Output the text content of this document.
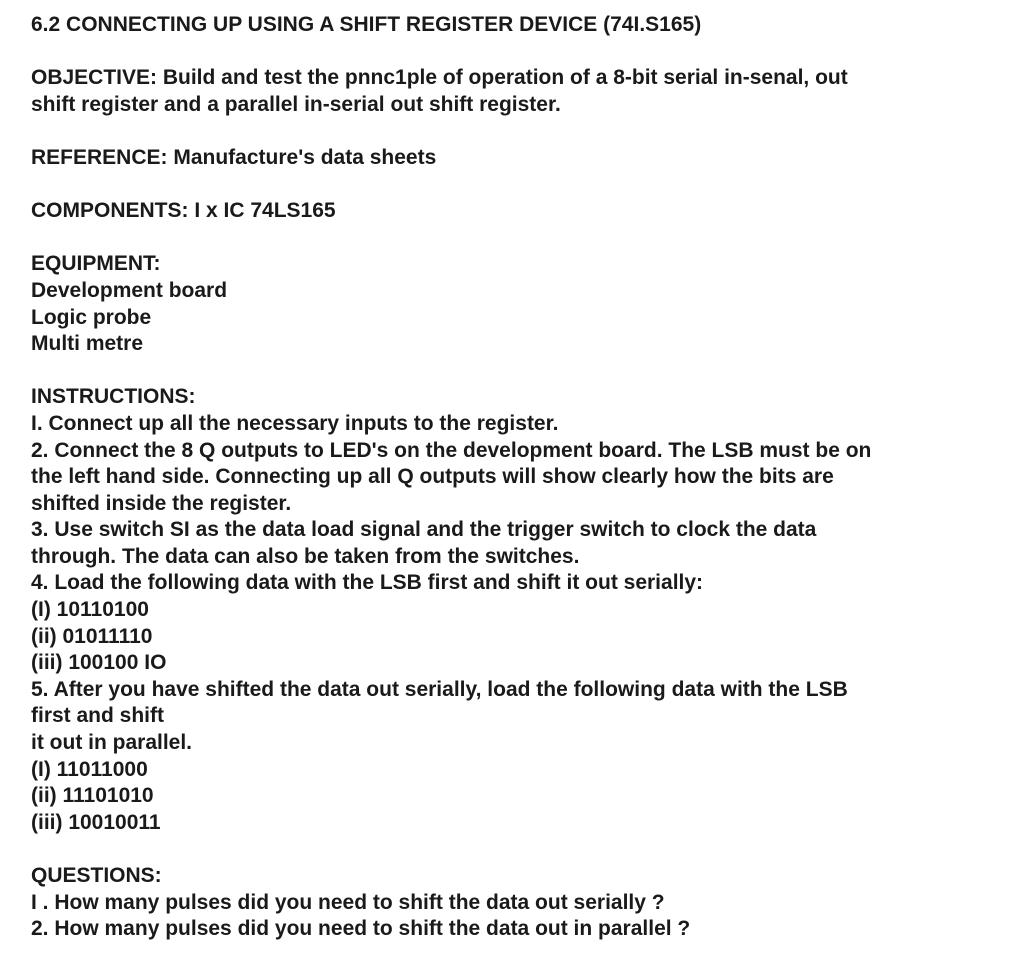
6.2 CONNECTING UP USING A SHIFT REGISTER DEVICE (74I.S165)
OBJECTIVE: Build and test the pnnc1ple of operation of a 8-bit serial in-senal, out
shift register and a parallel in-serial out shift register.
REFERENCE: Manufacture's data sheets
COMPONENTS: I x IC 74LS165
EQUIPMENT:
Development board
Logic probe
Multi metre
INSTRUCTIONS:
I. Connect up all the necessary inputs to the register.
2. Connect the 8 Q outputs to LED's on the development board. The LSB must be on
the left hand side. Connecting up all Q outputs will show clearly how the bits are
shifted inside the register.
3. Use switch SI as the data load signal and the trigger switch to clock the data
through. The data can also be taken from the switches.
4. Load the following data with the LSB first and shift it out serially:
(I) 10110100
(ii) 01011110
(iii) 100100 IO
5. After you have shifted the data out serially, load the following data with the LSB
first and shift
it out in parallel.
(I) 11011000
(ii) 11101010
(iii) 10010011
QUESTIONS:
I . How many pulses did you need to shift the data out serially ?
2. How many pulses did you need to shift the data out in parallel ?
